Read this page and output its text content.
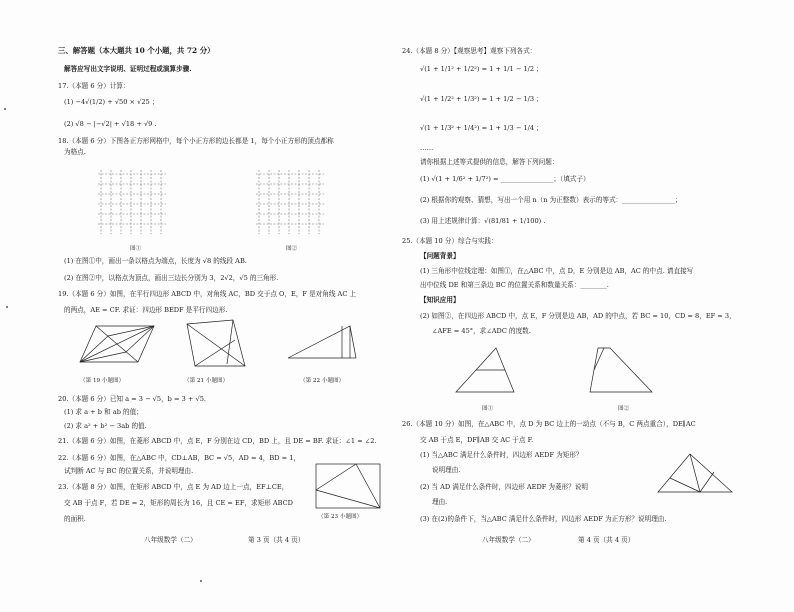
三、解答题（本大题共 10 个小题，共 72 分）
解答应写出文字说明、证明过程或演算步骤.
17.（本题 6 分）计算：
(1) −4√(1/2) + √50 × √25 ；
(2) √8 − |−√2| + √18 + √9 .
18.（本题 6 分）下图各正方形网格中，每个小正方形的边长都是 1，每个小正方形的顶点都称
为格点.
图①	图②
(1) 在图①中，画出一条以格点为端点，长度为 √8 的线段 AB.
(2) 在图②中，以格点为顶点，画出三边长分别为 3，2√2，√5 的三角形.
19.（本题 6 分）如图，在平行四边形 ABCD 中，对角线 AC，BD 交于点 O，E，F 是对角线 AC 上
的两点，AE = CF. 求证：四边形 BEDF 是平行四边形.
（第 19 小题图）	（第 21 小题图）	（第 22 小题图）
20.（本题 6 分）已知 a = 3 − √5，b = 3 + √5.
(1) 求 a + b 和 ab 的值；
(2) 求 a² + b² − 3ab 的值.
21.（本题 6 分）如图，在菱形 ABCD 中，点 E，F 分别在边 CD，BD 上，且 DE = BF. 求证：∠1 = ∠2.
22.（本题 6 分）如图，在△ABC 中，CD⊥AB，BC = √5，AD = 4，BD = 1，
试判断 AC 与 BC 的位置关系，并说明理由.
23.（本题 8 分）如图，在矩形 ABCD 中，点 E 为 AD 边上一点，EF⊥CE，
交 AB 于点 F，若 DE = 2，矩形的周长为 16，且 CE = EF，求矩形 ABCD
的面积.	（第 23 小题图）
八年级数学（二）	第 3 页（共 4 页）
24.（本题 8 分）【观察思考】观察下列各式：
√(1 + 1/1² + 1/2²) = 1 + 1/1 − 1/2 ；
√(1 + 1/2² + 1/3²) = 1 + 1/2 − 1/3 ；
√(1 + 1/3² + 1/4²) = 1 + 1/3 − 1/4 ；
……
请你根据上述等式提供的信息，解答下列问题：
(1) √(1 + 1/6² + 1/7²) = ________________；（填式子）
(2) 根据你的观察、猜想，写出一个用 n（n 为正整数）表示的等式：________________；
(3) 用上述规律计算：√(81/81 + 1/100) .
25.（本题 10 分）综合与实践：
【问题背景】
(1) 三角形中位线定理：如图①，在△ABC 中，点 D，E 分别是边 AB，AC 的中点. 请直接写
出中位线 DE 和第三条边 BC 的位置关系和数量关系：________.
【知识应用】
(2) 如图②，在四边形 ABCD 中，点 E，F 分别是边 AB，AD 的中点，若 BC = 10，CD = 8，EF = 3，
∠AFE = 45°，求∠ADC 的度数.
图①	图②
26.（本题 10 分）如图，在△ABC 中，点 D 为 BC 边上的一动点（不与 B，C 两点重合），DE∥AC
交 AB 于点 E，DF∥AB 交 AC 于点 F.
(1) 当△ABC 满足什么条件时，四边形 AEDF 为矩形？
说明理由.
(2) 当 AD 满足什么条件时，四边形 AEDF 为菱形？说明
理由.
(3) 在(2)的条件下，当△ABC 满足什么条件时，四边形 AEDF 为正方形？说明理由.
八年级数学（二）	第 4 页（共 4 页）
